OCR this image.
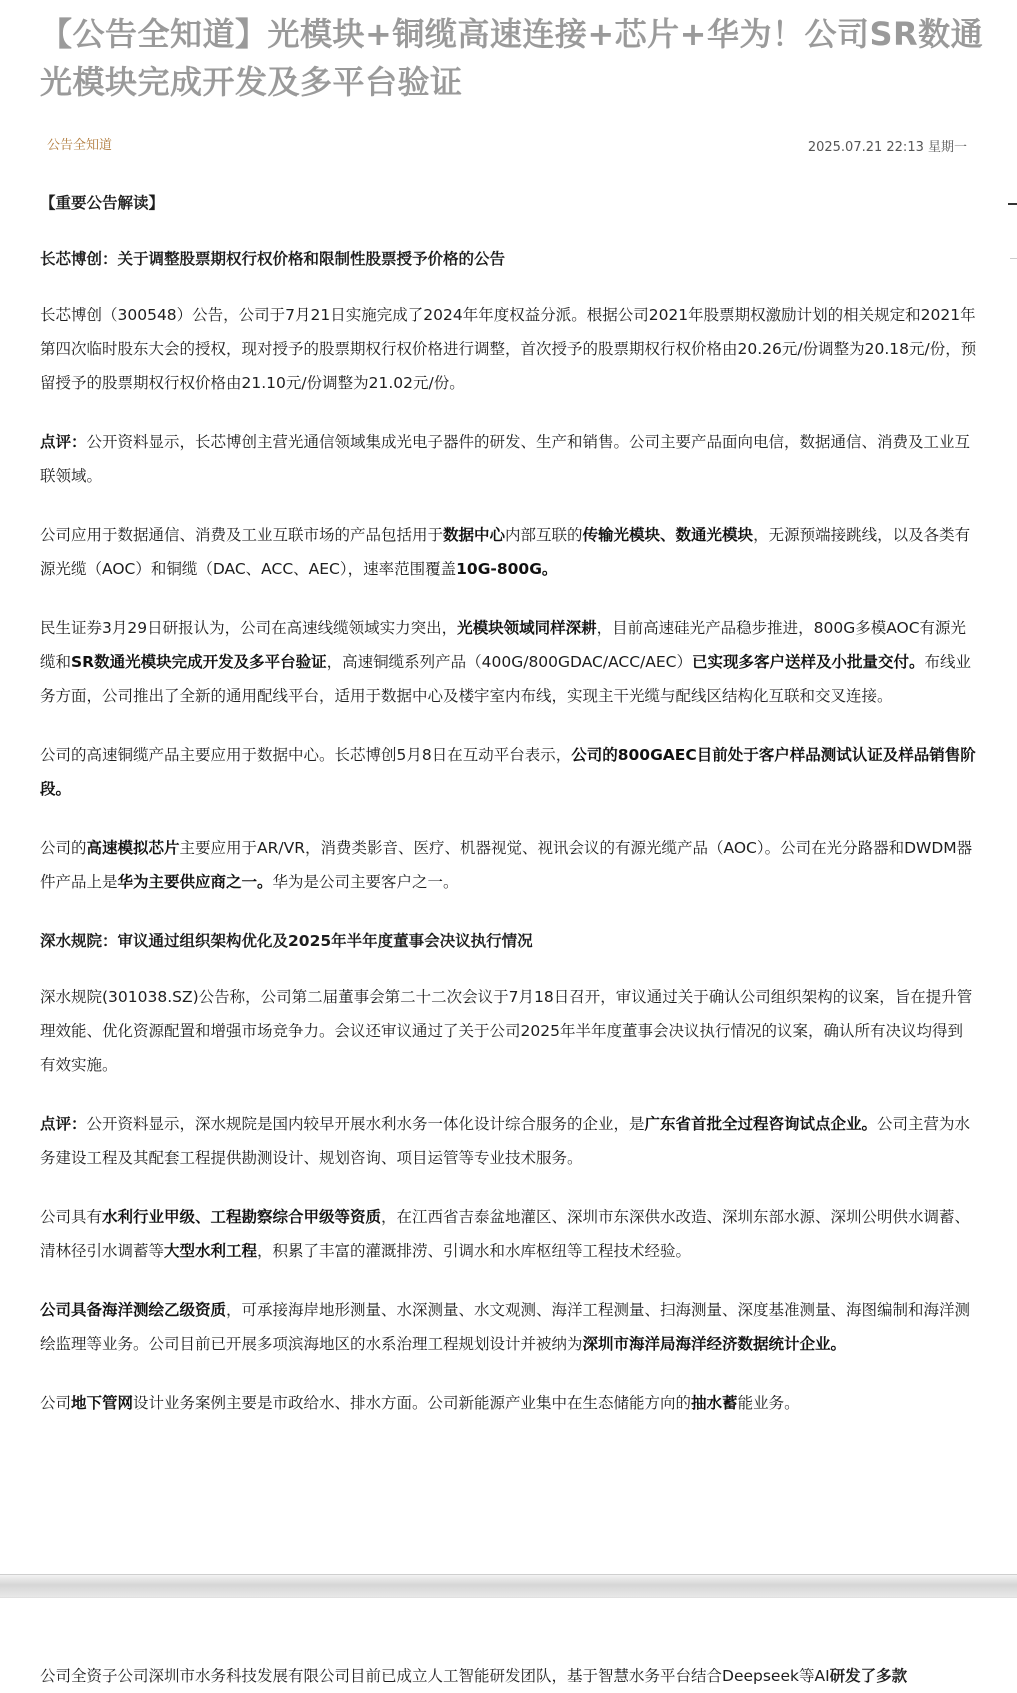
【公告全知道】光模块+铜缆高速连接+芯片+华为！公司SR数通光模块完成开发及多平台验证
公告全知道	2025.07.21 22:13 星期一

【重要公告解读】

长芯博创：关于调整股票期权行权价格和限制性股票授予价格的公告

长芯博创（300548）公告，公司于7月21日实施完成了2024年年度权益分派。根据公司2021年股票期权激励计划的相关规定和2021年第四次临时股东大会的授权，现对授予的股票期权行权价格进行调整，首次授予的股票期权行权价格由20.26元/份调整为20.18元/份，预留授予的股票期权行权价格由21.10元/份调整为21.02元/份。

点评：公开资料显示，长芯博创主营光通信领域集成光电子器件的研发、生产和销售。公司主要产品面向电信，数据通信、消费及工业互联领域。

公司应用于数据通信、消费及工业互联市场的产品包括用于数据中心内部互联的传输光模块、数通光模块，无源预端接跳线，以及各类有源光缆（AOC）和铜缆（DAC、ACC、AEC），速率范围覆盖10G-800G。

民生证券3月29日研报认为，公司在高速线缆领域实力突出，光模块领域同样深耕，目前高速硅光产品稳步推进，800G多模AOC有源光缆和SR数通光模块完成开发及多平台验证，高速铜缆系列产品（400G/800GDAC/ACC/AEC）已实现多客户送样及小批量交付。布线业务方面，公司推出了全新的通用配线平台，适用于数据中心及楼宇室内布线，实现主干光缆与配线区结构化互联和交叉连接。

公司的高速铜缆产品主要应用于数据中心。长芯博创5月8日在互动平台表示，公司的800GAEC目前处于客户样品测试认证及样品销售阶段。

公司的高速模拟芯片主要应用于AR/VR，消费类影音、医疗、机器视觉、视讯会议的有源光缆产品（AOC）。公司在光分路器和DWDM器件产品上是华为主要供应商之一。华为是公司主要客户之一。

深水规院：审议通过组织架构优化及2025年半年度董事会决议执行情况

深水规院(301038.SZ)公告称，公司第二届董事会第二十二次会议于7月18日召开，审议通过关于确认公司组织架构的议案，旨在提升管理效能、优化资源配置和增强市场竞争力。会议还审议通过了关于公司2025年半年度董事会决议执行情况的议案，确认所有决议均得到有效实施。

点评：公开资料显示，深水规院是国内较早开展水利水务一体化设计综合服务的企业，是广东省首批全过程咨询试点企业。公司主营为水务建设工程及其配套工程提供勘测设计、规划咨询、项目运管等专业技术服务。

公司具有水利行业甲级、工程勘察综合甲级等资质，在江西省吉泰盆地灌区、深圳市东深供水改造、深圳东部水源、深圳公明供水调蓄、清林径引水调蓄等大型水利工程，积累了丰富的灌溉排涝、引调水和水库枢纽等工程技术经验。

公司具备海洋测绘乙级资质，可承接海岸地形测量、水深测量、水文观测、海洋工程测量、扫海测量、深度基准测量、海图编制和海洋测绘监理等业务。公司目前已开展多项滨海地区的水系治理工程规划设计并被纳为深圳市海洋局海洋经济数据统计企业。

公司地下管网设计业务案例主要是市政给水、排水方面。公司新能源产业集中在生态储能方向的抽水蓄能业务。

公司全资子公司深圳市水务科技发展有限公司目前已成立人工智能研发团队，基于智慧水务平台结合Deepseek等AI研发了多款
